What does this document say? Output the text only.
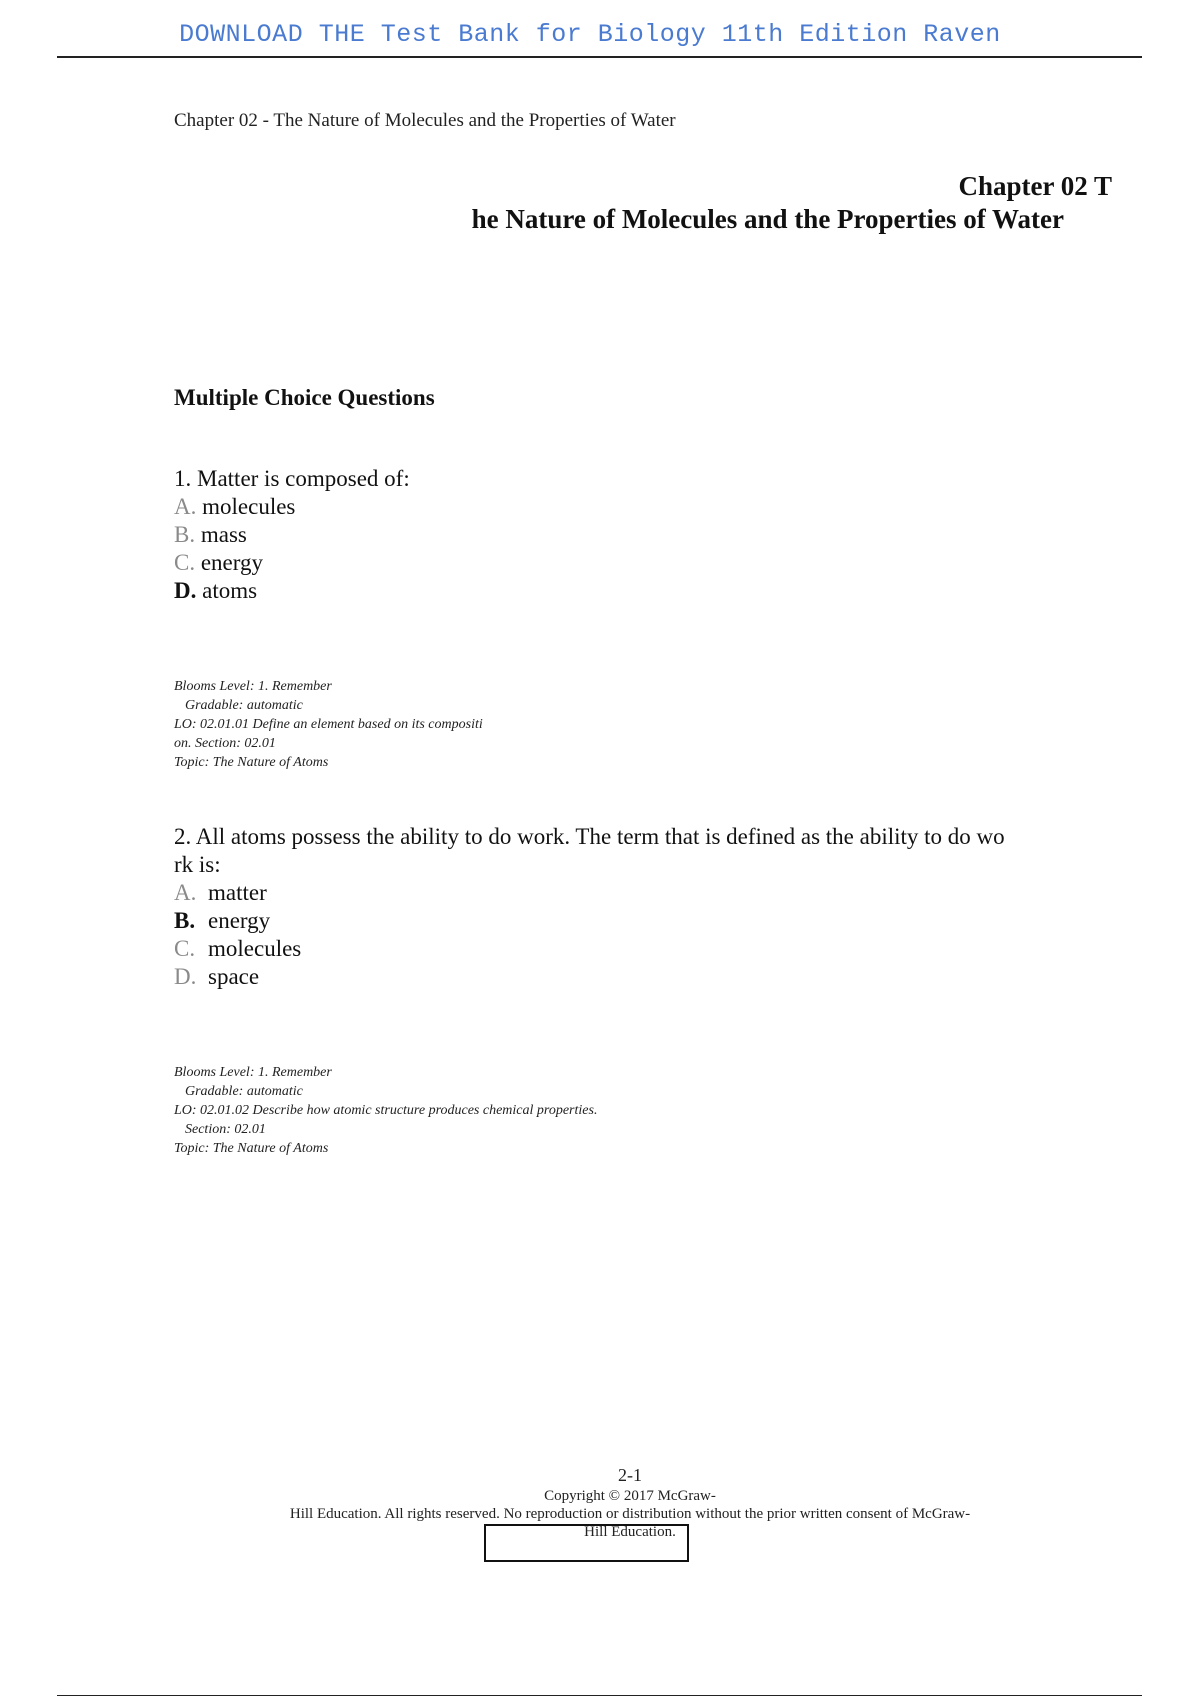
DOWNLOAD THE Test Bank for Biology 11th Edition Raven
Chapter 02 - The Nature of Molecules and the Properties of Water
Chapter 02 T
he Nature of Molecules and the Properties of Water
Multiple Choice Questions

1. Matter is composed of:

A. molecules
B. mass
C. energy
D. atoms
Blooms Level: 1. Remember
Gradable: automatic
LO: 02.01.01 Define an element based on its compositi
on. Section: 02.01
Topic: The Nature of Atoms

2. All atoms possess the ability to do work. The term that is defined as the ability to do wo
rk is:

A. matter
B. energy
C. molecules
D. space
Blooms Level: 1. Remember
Gradable: automatic
LO: 02.01.02 Describe how atomic structure produces chemical properties.
Section: 02.01
Topic: The Nature of Atoms
2-1
Copyright © 2017 McGraw-
Hill Education. All rights reserved. No reproduction or distribution without the prior written consent of McGraw-
Hill Education.
